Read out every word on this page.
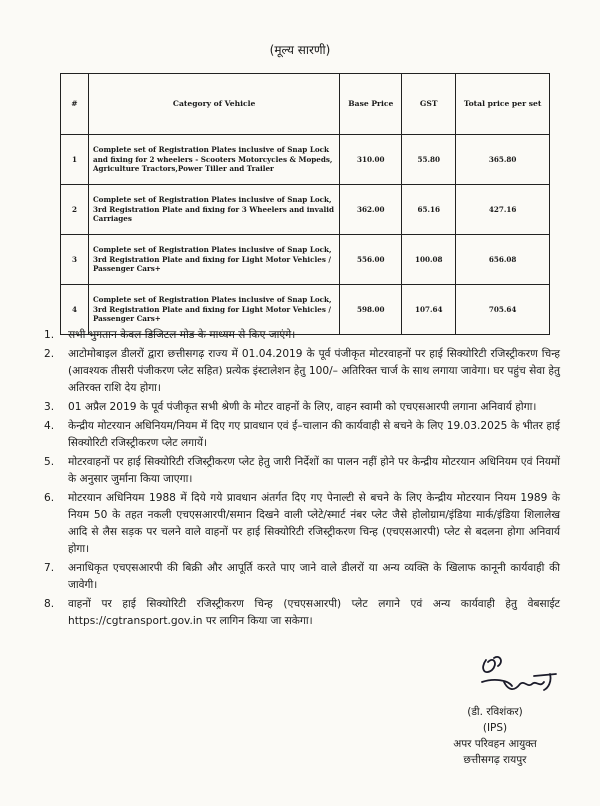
(मूल्य सारणी)
#	Category of Vehicle	Base Price	GST	Total price per set
1	Complete set of Registration Plates inclusive of Snap Lock and fixing for 2 wheelers - Scooters Motorcycles & Mopeds, Agriculture Tractors,Power Tiller and Trailer	310.00	55.80	365.80
2	Complete set of Registration Plates inclusive of Snap Lock, 3rd Registration Plate and fixing for 3 Wheelers and invalid Carriages	362.00	65.16	427.16
3	Complete set of Registration Plates inclusive of Snap Lock, 3rd Registration Plate and fixing for Light Motor Vehicles / Passenger Cars+	556.00	100.08	656.08
4	Complete set of Registration Plates inclusive of Snap Lock, 3rd Registration Plate and fixing for Light Motor Vehicles / Passenger Cars+	598.00	107.64	705.64
1.	सभी भुगतान केवल डिजिटल मोड के माध्यम से किए जाएंगे।
2.	आटोमोबाइल डीलरों द्वारा छत्तीसगढ़ राज्य में 01.04.2019 के पूर्व पंजीकृत मोटरवाहनों पर हाई सिक्योरिटी रजिस्ट्रीकरण चिन्ह (आवश्यक तीसरी पंजीकरण प्लेट सहित) प्रत्येक इंस्टालेशन हेतु 100/– अतिरिक्त चार्ज के साथ लगाया जावेगा। घर पहुंच सेवा हेतु अतिरक्त राशि देय होगा।
3.	01 अप्रैल 2019 के पूर्व पंजीकृत सभी श्रेणी के मोटर वाहनों के लिए, वाहन स्वामी को एचएसआरपी लगाना अनिवार्य होगा।
4.	केन्द्रीय मोटरयान अधिनियम/नियम में दिए गए प्रावधान एवं ई–चालान की कार्यवाही से बचने के लिए 19.03.2025 के भीतर हाई सिक्योरिटी रजिस्ट्रीकरण प्लेट लगायें।
5.	मोटरवाहनों पर हाई सिक्योरिटी रजिस्ट्रीकरण प्लेट हेतु जारी निर्देशों का पालन नहीं होने पर केन्द्रीय मोटरयान अधिनियम एवं नियमों के अनुसार जुर्माना किया जाएगा।
6.	मोटरयान अधिनियम 1988 में दिये गये प्रावधान अंतर्गत दिए गए पेनाल्टी से बचने के लिए केन्द्रीय मोटरयान नियम 1989 के नियम 50 के तहत नकली एचएसआरपी/समान दिखने वाली प्लेटे/स्मार्ट नंबर प्लेट जैसे होलोग्राम/इंडिया मार्क/इंडिया शिलालेख आदि से लैस सड़क पर चलने वाले वाहनों पर हाई सिक्योरिटी रजिस्ट्रीकरण चिन्ह (एचएसआरपी) प्लेट से बदलना होगा अनिवार्य होगा।
7.	अनाधिकृत एचएसआरपी की बिक्री और आपूर्ति करते पाए जाने वाले डीलरों या अन्य व्यक्ति के खिलाफ कानूनी कार्यवाही की जावेगी।
8.	वाहनों पर हाई सिक्योरिटी रजिस्ट्रीकरण चिन्ह (एचएसआरपी) प्लेट लगाने एवं अन्य कार्यवाही हेतु वेबसाईट https://cgtransport.gov.in पर लागिन किया जा सकेगा।
(डी. रविशंकर)
(IPS)
अपर परिवहन आयुक्त
छत्तीसगढ़ रायपुर
